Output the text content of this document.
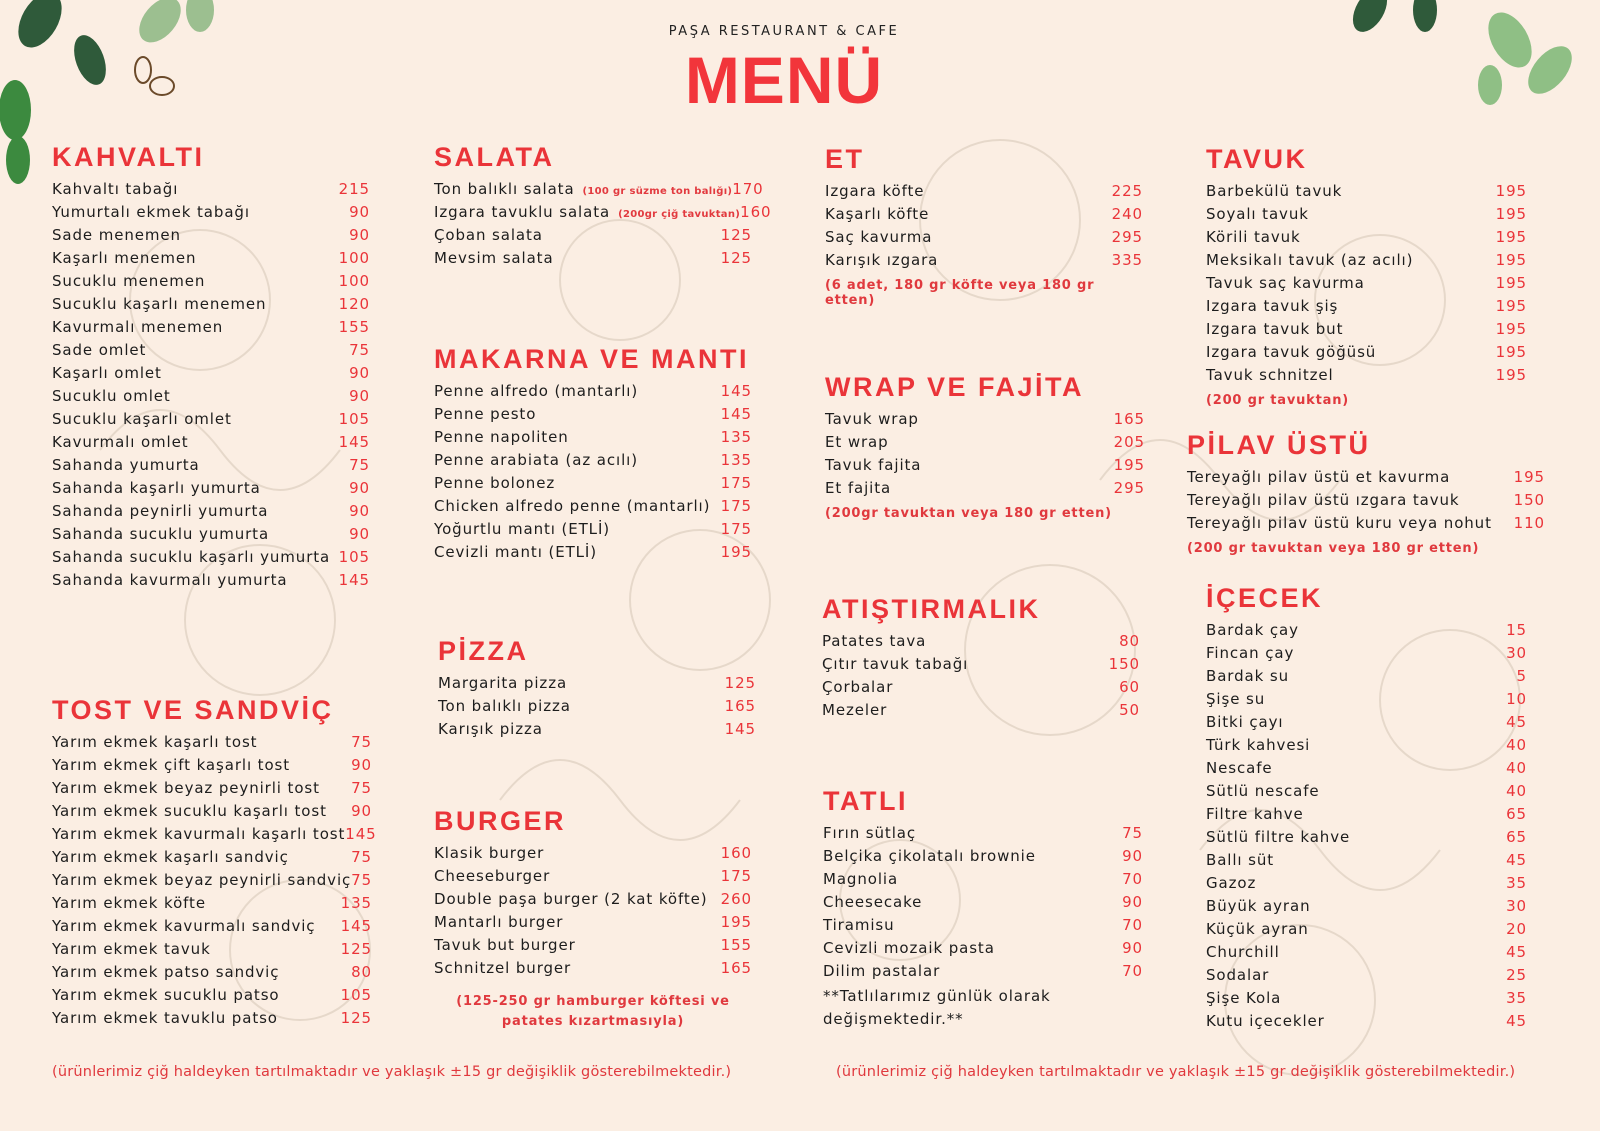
PAŞA RESTAURANT & CAFE
MENÜ
KAHVALTI
Kahvaltı tabağı	215
Yumurtalı ekmek tabağı	90
Sade menemen	90
Kaşarlı menemen	100
Sucuklu menemen	100
Sucuklu kaşarlı menemen	120
Kavurmalı menemen	155
Sade omlet	75
Kaşarlı omlet	90
Sucuklu omlet	90
Sucuklu kaşarlı omlet	105
Kavurmalı omlet	145
Sahanda yumurta	75
Sahanda kaşarlı yumurta	90
Sahanda peynirli yumurta	90
Sahanda sucuklu yumurta	90
Sahanda sucuklu kaşarlı yumurta 105
Sahanda kavurmalı yumurta	145
TOST VE SANDVİÇ
Yarım ekmek kaşarlı tost	75
Yarım ekmek çift kaşarlı tost	90
Yarım ekmek beyaz peynirli tost 75
Yarım ekmek sucuklu kaşarlı tost 90
Yarım ekmek kavurmalı kaşarlı tost 145
Yarım ekmek kaşarlı sandviç	75
Yarım ekmek beyaz peynirli sandviç 75
Yarım ekmek köfte	135
Yarım ekmek kavurmalı sandviç 145
Yarım ekmek tavuk	125
Yarım ekmek patso sandviç	80
Yarım ekmek sucuklu patso	105
Yarım ekmek tavuklu patso	125
SALATA
Ton balıklı salata (100 gr süzme ton balığı) 170
Izgara tavuklu salata (200gr çiğ tavuktan) 160
Çoban salata	125
Mevsim salata	125
MAKARNA VE MANTI
Penne alfredo (mantarlı)	145
Penne pesto	145
Penne napoliten	135
Penne arabiata (az acılı)	135
Penne bolonez	175
Chicken alfredo penne (mantarlı) 175
Yoğurtlu mantı (ETLİ)	175
Cevizli mantı (ETLİ)	195
PİZZA
Margarita pizza	125
Ton balıklı pizza	165
Karışık pizza	145
BURGER
Klasik burger	160
Cheeseburger	175
Double paşa burger (2 kat köfte) 260
Mantarlı burger	195
Tavuk but burger	155
Schnitzel burger	165
(125-250 gr hamburger köftesi ve patates kızartmasıyla)
ET
Izgara köfte	225
Kaşarlı köfte	240
Saç kavurma	295
Karışık ızgara	335
(6 adet, 180 gr köfte veya 180 gr etten)
WRAP VE FAJİTA
Tavuk wrap	165
Et wrap	205
Tavuk fajita	195
Et fajita	295
(200gr tavuktan veya 180 gr etten)
ATIŞTIRMALIK
Patates tava	80
Çıtır tavuk tabağı	150
Çorbalar	60
Mezeler	50
TATLI
Fırın sütlaç	75
Belçika çikolatalı brownie	90
Magnolia	70
Cheesecake	90
Tiramisu	70
Cevizli mozaik pasta	90
Dilim pastalar	70
**Tatlılarımız günlük olarak
değişmektedir.**
TAVUK
Barbekülü tavuk	195
Soyalı tavuk	195
Körili tavuk	195
Meksikalı tavuk (az acılı)	195
Tavuk saç kavurma	195
Izgara tavuk şiş	195
Izgara tavuk but	195
Izgara tavuk göğüsü	195
Tavuk schnitzel	195
(200 gr tavuktan)
PİLAV ÜSTÜ
Tereyağlı pilav üstü et kavurma	195
Tereyağlı pilav üstü ızgara tavuk	150
Tereyağlı pilav üstü kuru veya nohut 110
(200 gr tavuktan veya 180 gr etten)
İÇECEK
Bardak çay	15
Fincan çay	30
Bardak su	5
Şişe su	10
Bitki çayı	45
Türk kahvesi	40
Nescafe	40
Sütlü nescafe	40
Filtre kahve	65
Sütlü filtre kahve	65
Ballı süt	45
Gazoz	35
Büyük ayran	30
Küçük ayran	20
Churchill	45
Sodalar	25
Şişe Kola	35
Kutu içecekler	45
(ürünlerimiz çiğ haldeyken tartılmaktadır ve yaklaşık ±15 gr değişiklik gösterebilmektedir.)	(ürünlerimiz çiğ haldeyken tartılmaktadır ve yaklaşık ±15 gr değişiklik gösterebilmektedir.)
